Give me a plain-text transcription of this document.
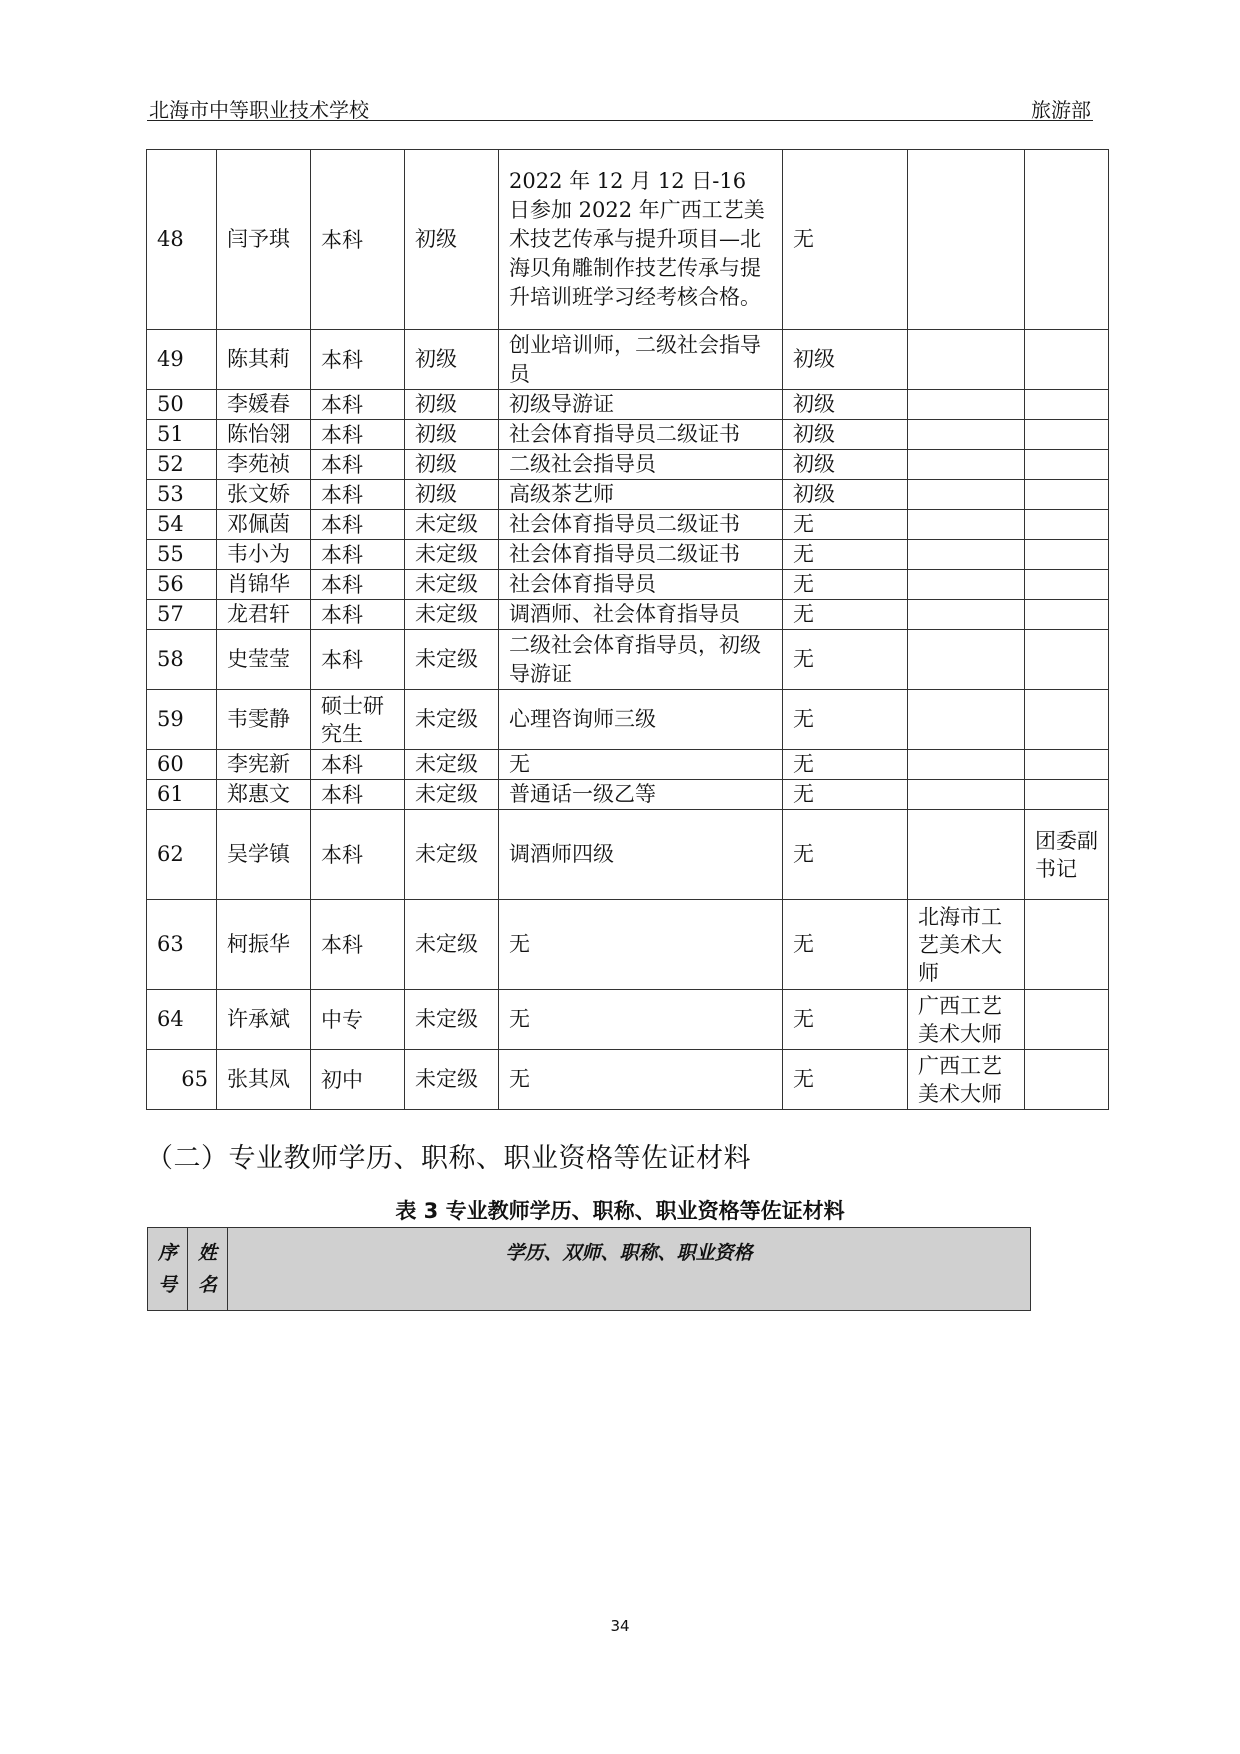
北海市中等职业技术学校	旅游部
48	闫予琪	本科	初级	2022 年 12 月 12 日-16 日参加 2022 年广西工艺美术技艺传承与提升项目—北海贝角雕制作技艺传承与提升培训班学习经考核合格。	无		
49	陈其莉	本科	初级	创业培训师，二级社会指导员	初级		
50	李媛春	本科	初级	初级导游证	初级		
51	陈怡翎	本科	初级	社会体育指导员二级证书	初级		
52	李苑祯	本科	初级	二级社会指导员	初级		
53	张文娇	本科	初级	高级茶艺师	初级		
54	邓佩茵	本科	未定级	社会体育指导员二级证书	无		
55	韦小为	本科	未定级	社会体育指导员二级证书	无		
56	肖锦华	本科	未定级	社会体育指导员	无		
57	龙君轩	本科	未定级	调酒师、社会体育指导员	无		
58	史莹莹	本科	未定级	二级社会体育指导员，初级导游证	无		
59	韦雯静	硕士研究生	未定级	心理咨询师三级	无		
60	李宪新	本科	未定级	无	无		
61	郑惠文	本科	未定级	普通话一级乙等	无		
62	吴学镇	本科	未定级	调酒师四级	无		团委副书记
63	柯振华	本科	未定级	无	无	北海市工艺美术大师	
64	许承斌	中专	未定级	无	无	广西工艺美术大师	
65	张其凤	初中	未定级	无	无	广西工艺美术大师	
（二）专业教师学历、职称、职业资格等佐证材料
表 3 专业教师学历、职称、职业资格等佐证材料
序号	姓名	学历、双师、职称、职业资格
34
